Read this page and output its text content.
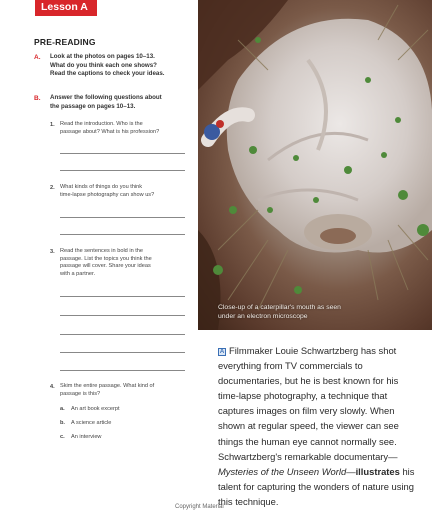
Lesson A
PRE-READING
A. Look at the photos on pages 10–13.
What do you think each one shows?
Read the captions to check your ideas.
B. Answer the following questions about
the passage on pages 10–13.
1. Read the introduction. Who is the
passage about? What is his profession?
2. What kinds of things do you think
time-lapse photography can show us?
3. Read the sentences in bold in the
passage. List the topics you think the
passage will cover. Share your ideas
with a partner.
4. Skim the entire passage. What kind of
passage is this?
a. An art book excerpt
b. A science article
c. An interview
Close-up of a caterpillar's mouth as seen
under an electron microscope
A Filmmaker Louie Schwartzberg has shot everything from TV commercials to documentaries, but he is best known for his time-lapse photography, a technique that captures images on film very slowly. When shown at regular speed, the viewer can see things the human eye cannot normally see. Schwartzberg's remarkable documentary—Mysteries of the Unseen World—illustrates his talent for capturing the wonders of nature using this technique.
Copyright Material
